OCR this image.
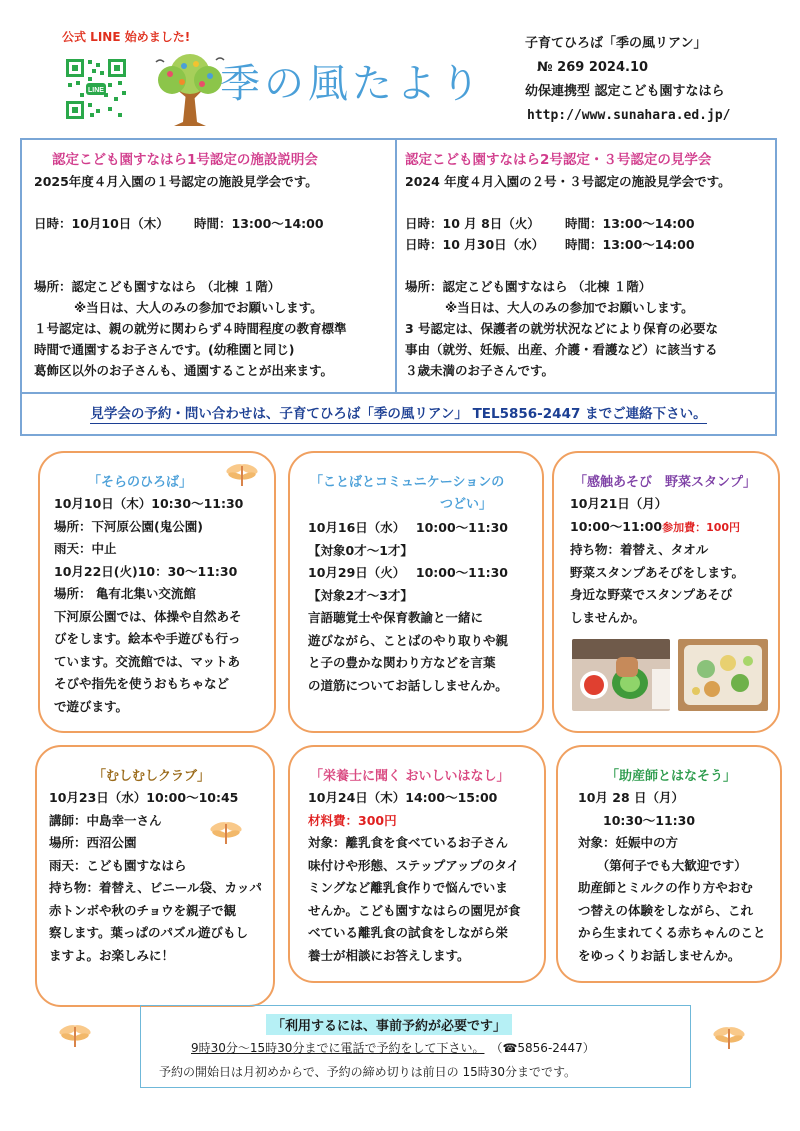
公式 LINE 始めました!
LINE	季の風たより
子育てひろば「季の風リアン」
№ 269 2024.10
幼保連携型 認定こども園すなはら
http://www.sunahara.ed.jp/
認定こども園すなはら1号認定の施設説明会
2025年度４月入園の１号認定の施設見学会です。
日時：10月10日（木） 時間：13:00～14:00
場所：認定こども園すなはら （北棟 １階）
※当日は、大人のみの参加でお願いします。
１号認定は、親の就労に関わらず４時間程度の教育標準
時間で通園するお子さんです。(幼稚園と同じ)
葛飾区以外のお子さんも、通園することが出来ます。
認定こども園すなはら2号認定・３号認定の見学会
2024 年度４月入園の２号・３号認定の施設見学会です。
日時：10 月 8日（火） 時間：13:00～14:00
日時：10 月30日（水） 時間：13:00～14:00
場所：認定こども園すなはら （北棟 １階）
※当日は、大人のみの参加でお願いします。
3 号認定は、保護者の就労状況などにより保育の必要な
事由（就労、妊娠、出産、介護・看護など）に該当する
３歳未満のお子さんです。
見学会の予約・問い合わせは、子育てひろば「季の風リアン」 TEL5856-2447 までご連絡下さい。
「そらのひろば」
10月10日（木）10:30～11:30
場所：下河原公園(鬼公園)
雨天：中止
10月22日(火)10：30～11:30
場所： 亀有北集い交流館
下河原公園では、体操や自然あそ
びをします。絵本や手遊びも行っ
ています。交流館では、マットあ
そびや指先を使うおもちゃなど
で遊びます。
「ことばとコミュニケーションの
つどい」
10月16日（水）　 10:00～11:30
【対象0才～1才】
10月29日（火）　 10:00～11:30
【対象2才～3才】
言語聴覚士や保育教諭と一緒に
遊びながら、ことばのやり取りや親
と子の豊かな関わり方などを言葉
の道筋についてお話ししませんか。
「感触あそび　野菜スタンプ」
10月21日（月）
10:00～11:00参加費：100円
持ち物：着替え、タオル
野菜スタンプあそびをします。
身近な野菜でスタンプあそび
しませんか。
「むしむしクラブ」
10月23日（水）10:00～10:45
講師：中島幸一さん
場所：西沼公園
雨天：こども園すなはら
持ち物：着替え、ビニール袋、カッパ
赤トンボや秋のチョウを親子で観
察します。葉っぱのパズル遊びもし
ますよ。お楽しみに！
「栄養士に聞く おいしいはなし」
10月24日（木）14:00～15:00
材料費：300円
対象：離乳食を食べているお子さん
味付けや形態、ステップアップのタイ
ミングなど離乳食作りで悩んでいま
せんか。こども園すなはらの園児が食
べている離乳食の試食をしながら栄
養士が相談にお答えします。
「助産師とはなそう」
10月 28 日（月）
　　10:30～11:30
対象：妊娠中の方
　　（第何子でも大歓迎です）
助産師とミルクの作り方やおむ
つ替えの体験をしながら、これ
から生まれてくる赤ちゃんのこと
をゆっくりお話しませんか。
「利用するには、事前予約が必要です」
9時30分～15時30分までに電話で予約をして下さい。 （☎5856-2447）
予約の開始日は月初めからで、予約の締め切りは前日の 15時30分までです。
